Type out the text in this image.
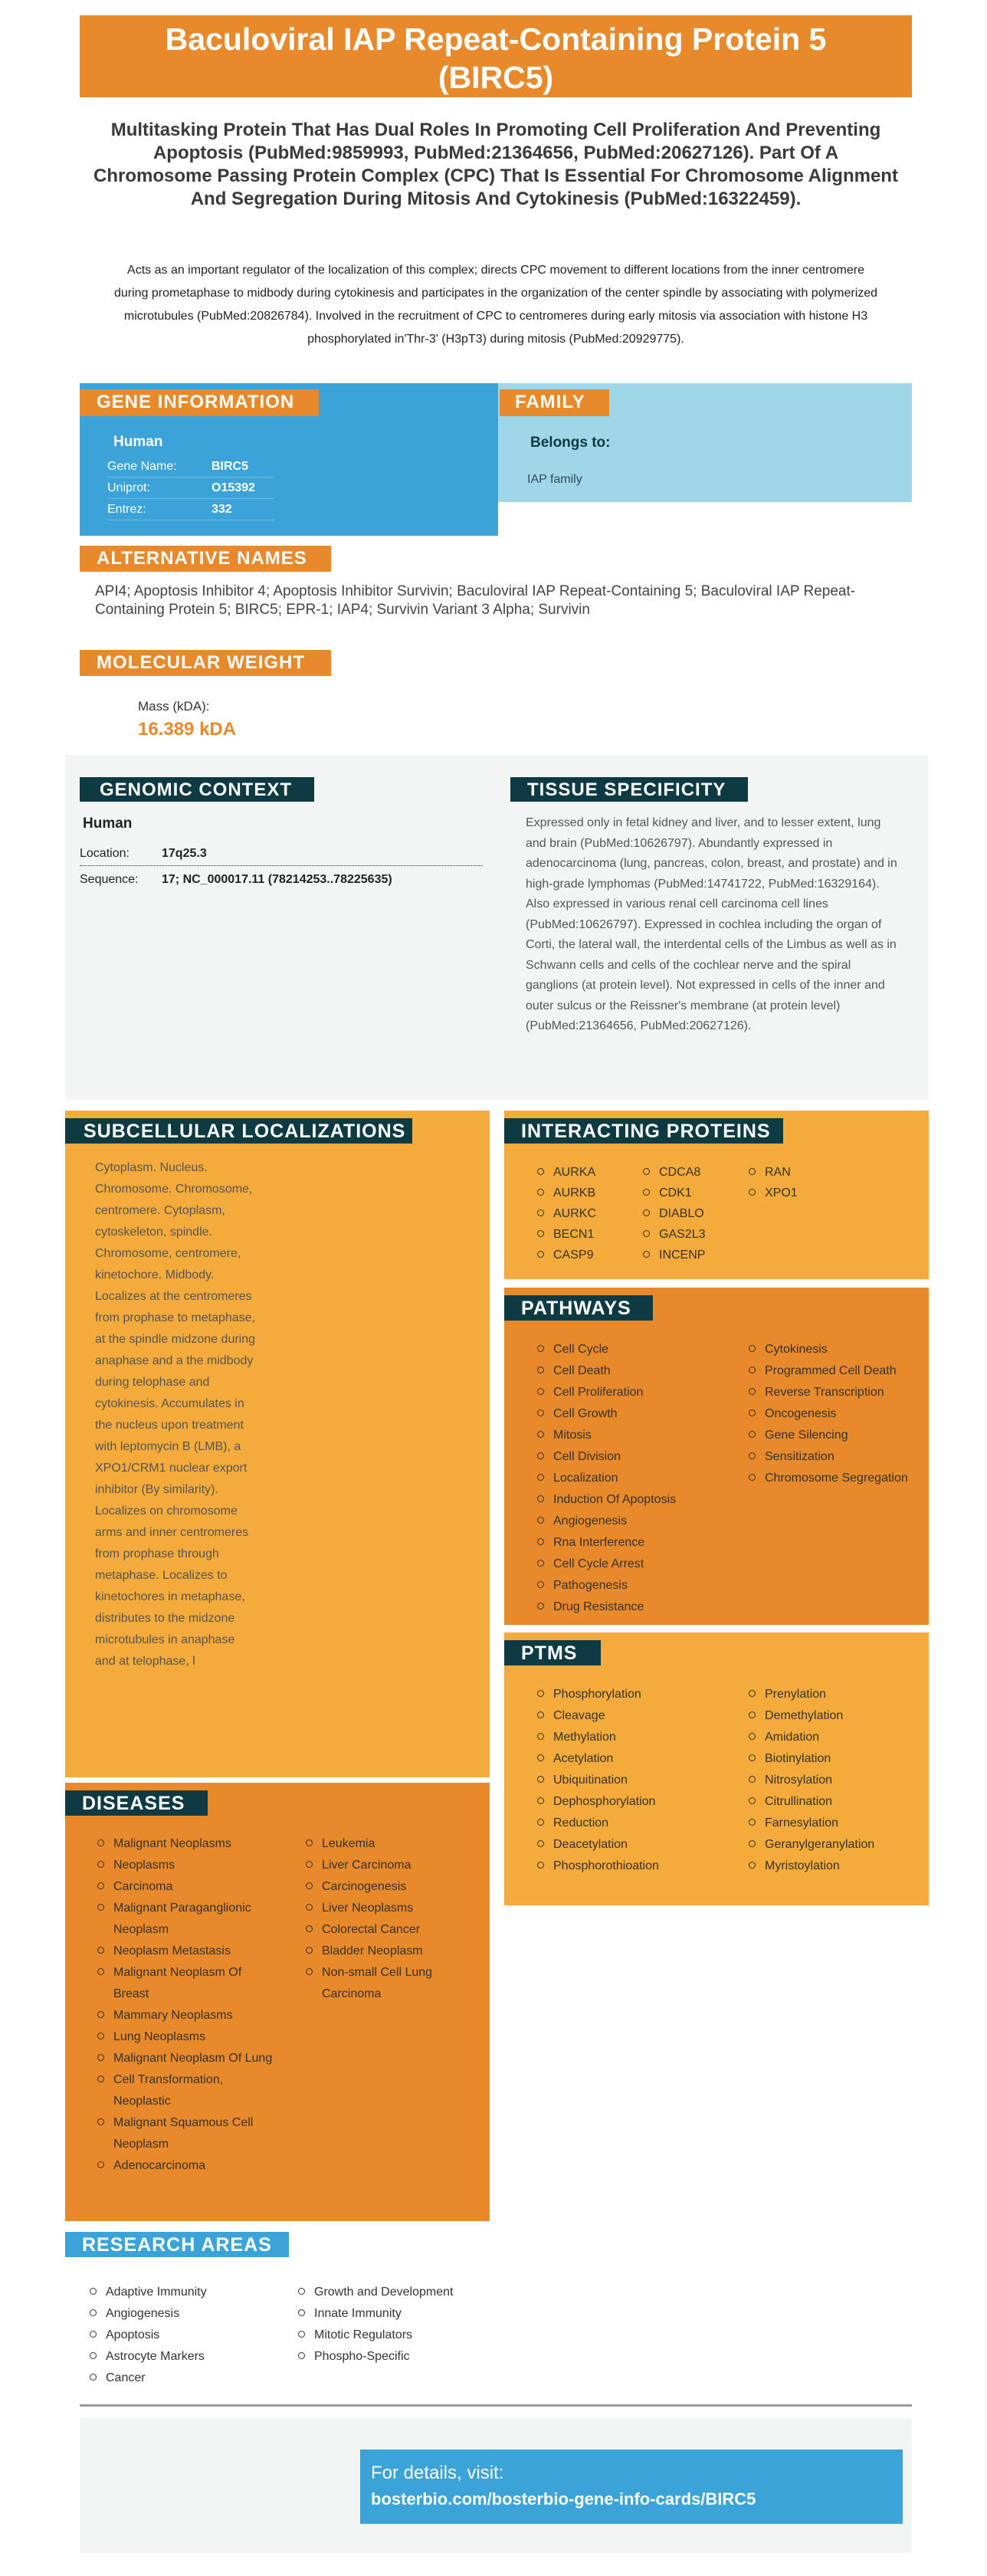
Baculoviral IAP Repeat-Containing Protein 5 (BIRC5)
Multitasking Protein That Has Dual Roles In Promoting Cell Proliferation And Preventing Apoptosis (PubMed:9859993, PubMed:21364656, PubMed:20627126). Part Of A Chromosome Passing Protein Complex (CPC) That Is Essential For Chromosome Alignment And Segregation During Mitosis And Cytokinesis (PubMed:16322459).

Acts as an important regulator of the localization of this complex; directs CPC movement to different locations from the inner centromere during prometaphase to midbody during cytokinesis and participates in the organization of the center spindle by associating with polymerized microtubules (PubMed:20826784). Involved in the recruitment of CPC to centromeres during early mitosis via association with histone H3 phosphorylated in'Thr-3' (H3pT3) during mitosis (PubMed:20929775).

GENE INFORMATION
Human
Gene Name:	BIRC5
Uniprot:	O15392
Entrez:	332
FAMILY
Belongs to:
IAP family
ALTERNATIVE NAMES

API4; Apoptosis Inhibitor 4; Apoptosis Inhibitor Survivin; Baculoviral IAP Repeat-Containing 5; Baculoviral IAP Repeat-Containing Protein 5; BIRC5; EPR-1; IAP4; Survivin Variant 3 Alpha; Survivin

MOLECULAR WEIGHT
Mass (kDA):
16.389 kDA
GENOMIC CONTEXT
Human
Location:	17q25.3
Sequence:	17; NC_000017.11 (78214253..78225635)
TISSUE SPECIFICITY

Expressed only in fetal kidney and liver, and to lesser extent, lung and brain (PubMed:10626797). Abundantly expressed in adenocarcinoma (lung, pancreas, colon, breast, and prostate) and in high-grade lymphomas (PubMed:14741722, PubMed:16329164). Also expressed in various renal cell carcinoma cell lines (PubMed:10626797). Expressed in cochlea including the organ of Corti, the lateral wall, the interdental cells of the Limbus as well as in Schwann cells and cells of the cochlear nerve and the spiral ganglions (at protein level). Not expressed in cells of the inner and outer sulcus or the Reissner's membrane (at protein level) (PubMed:21364656, PubMed:20627126).

SUBCELLULAR LOCALIZATIONS

Cytoplasm. Nucleus. Chromosome. Chromosome, centromere. Cytoplasm, cytoskeleton, spindle. Chromosome, centromere, kinetochore. Midbody. Localizes at the centromeres from prophase to metaphase, at the spindle midzone during anaphase and a the midbody during telophase and cytokinesis. Accumulates in the nucleus upon treatment with leptomycin B (LMB), a XPO1/CRM1 nuclear export inhibitor (By similarity). Localizes on chromosome arms and inner centromeres from prophase through metaphase. Localizes to kinetochores in metaphase, distributes to the midzone microtubules in anaphase and at telophase, l

INTERACTING PROTEINS
AURKA
AURKB
AURKC
BECN1
CASP9
CDCA8
CDK1
DIABLO
GAS2L3
INCENP
RAN
XPO1
PATHWAYS
Cell Cycle
Cell Death
Cell Proliferation
Cell Growth
Mitosis
Cell Division
Localization
Induction Of Apoptosis
Angiogenesis
Rna Interference
Cell Cycle Arrest
Pathogenesis
Drug Resistance
Cytokinesis
Programmed Cell Death
Reverse Transcription
Oncogenesis
Gene Silencing
Sensitization
Chromosome Segregation
PTMS
Phosphorylation
Cleavage
Methylation
Acetylation
Ubiquitination
Dephosphorylation
Reduction
Deacetylation
Phosphorothioation
Prenylation
Demethylation
Amidation
Biotinylation
Nitrosylation
Citrullination
Farnesylation
Geranylgeranylation
Myristoylation
DISEASES
Malignant Neoplasms
Neoplasms
Carcinoma
Malignant Paraganglionic Neoplasm
Neoplasm Metastasis
Malignant Neoplasm Of Breast
Mammary Neoplasms
Lung Neoplasms
Malignant Neoplasm Of Lung
Cell Transformation, Neoplastic
Malignant Squamous Cell Neoplasm
Adenocarcinoma
Leukemia
Liver Carcinoma
Carcinogenesis
Liver Neoplasms
Colorectal Cancer
Bladder Neoplasm
Non-small Cell Lung Carcinoma
RESEARCH AREAS
Adaptive Immunity
Angiogenesis
Apoptosis
Astrocyte Markers
Cancer
Growth and Development
Innate Immunity
Mitotic Regulators
Phospho-Specific
For details, visit:
bosterbio.com/bosterbio-gene-info-cards/BIRC5
